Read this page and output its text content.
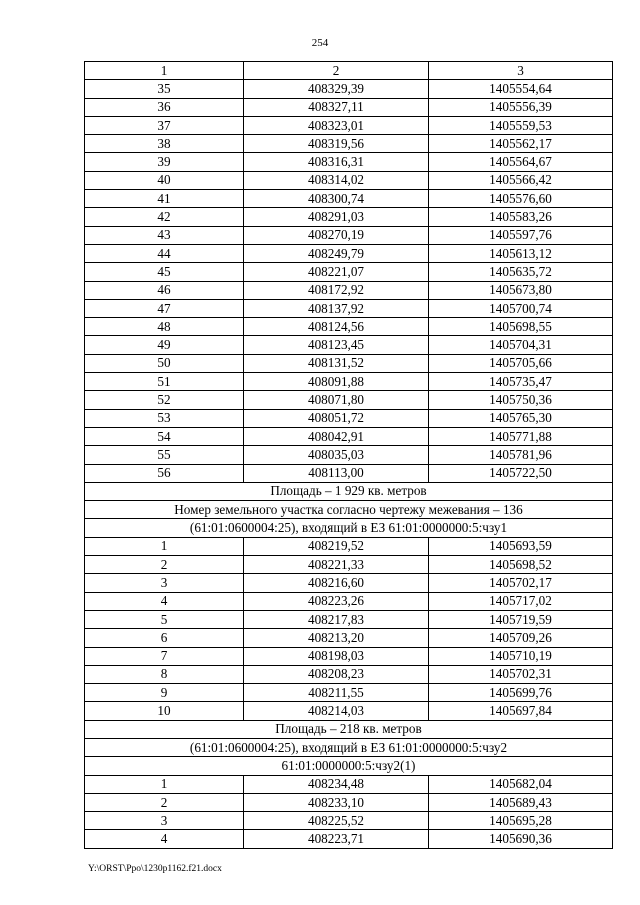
254
1	2	3
35	408329,39	1405554,64
36	408327,11	1405556,39
37	408323,01	1405559,53
38	408319,56	1405562,17
39	408316,31	1405564,67
40	408314,02	1405566,42
41	408300,74	1405576,60
42	408291,03	1405583,26
43	408270,19	1405597,76
44	408249,79	1405613,12
45	408221,07	1405635,72
46	408172,92	1405673,80
47	408137,92	1405700,74
48	408124,56	1405698,55
49	408123,45	1405704,31
50	408131,52	1405705,66
51	408091,88	1405735,47
52	408071,80	1405750,36
53	408051,72	1405765,30
54	408042,91	1405771,88
55	408035,03	1405781,96
56	408113,00	1405722,50
Площадь – 1 929 кв. метров		
Номер земельного участка согласно чертежу межевания – 136		
(61:01:0600004:25), входящий в ЕЗ 61:01:0000000:5:чзу1		
1	408219,52	1405693,59
2	408221,33	1405698,52
3	408216,60	1405702,17
4	408223,26	1405717,02
5	408217,83	1405719,59
6	408213,20	1405709,26
7	408198,03	1405710,19
8	408208,23	1405702,31
9	408211,55	1405699,76
10	408214,03	1405697,84
Площадь – 218 кв. метров		
(61:01:0600004:25), входящий в ЕЗ 61:01:0000000:5:чзу2		
61:01:0000000:5:чзу2(1)		
1	408234,48	1405682,04
2	408233,10	1405689,43
3	408225,52	1405695,28
4	408223,71	1405690,36
Y:\ORST\Ppo\1230p1162.f21.docx
